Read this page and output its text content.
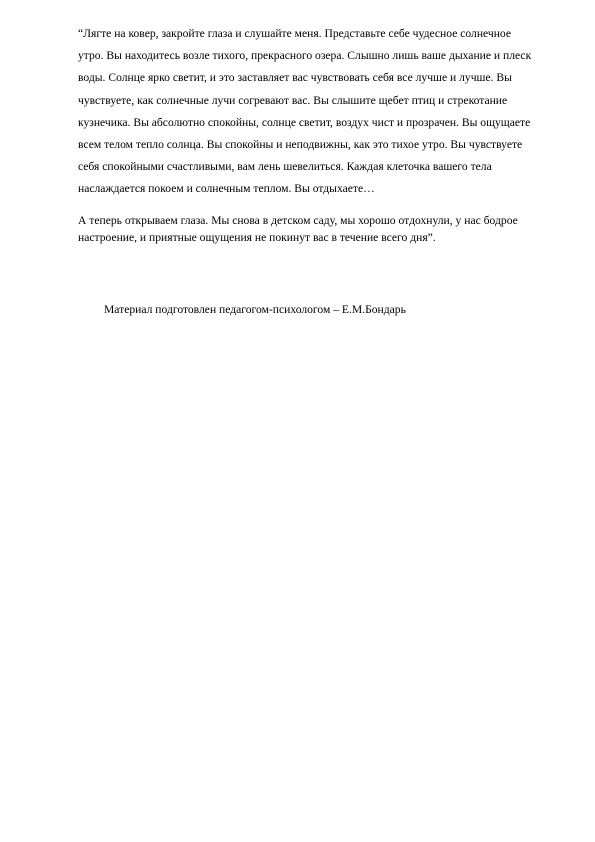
“Лягте на ковер, закройте глаза и слушайте меня. Представьте себе чудесное солнечное утро. Вы находитесь возле тихого, прекрасного озера. Слышно лишь ваше дыхание и плеск воды. Солнце ярко светит, и это заставляет вас чувствовать себя все лучше и лучше. Вы чувствуете, как солнечные лучи согревают вас. Вы слышите щебет птиц и стрекотание кузнечика. Вы абсолютно спокойны, солнце светит, воздух чист и прозрачен. Вы ощущаете всем телом тепло солнца. Вы спокойны и неподвижны, как это тихое утро. Вы чувствуете себя спокойными счастливыми, вам лень шевелиться. Каждая клеточка вашего тела наслаждается покоем и солнечным теплом. Вы отдыхаете…

А теперь открываем глаза. Мы снова в детском саду, мы хорошо отдохнули, у нас бодрое настроение, и приятные ощущения не покинут вас в течение всего дня”.

Материал подготовлен педагогом-психологом – Е.М.Бондарь
